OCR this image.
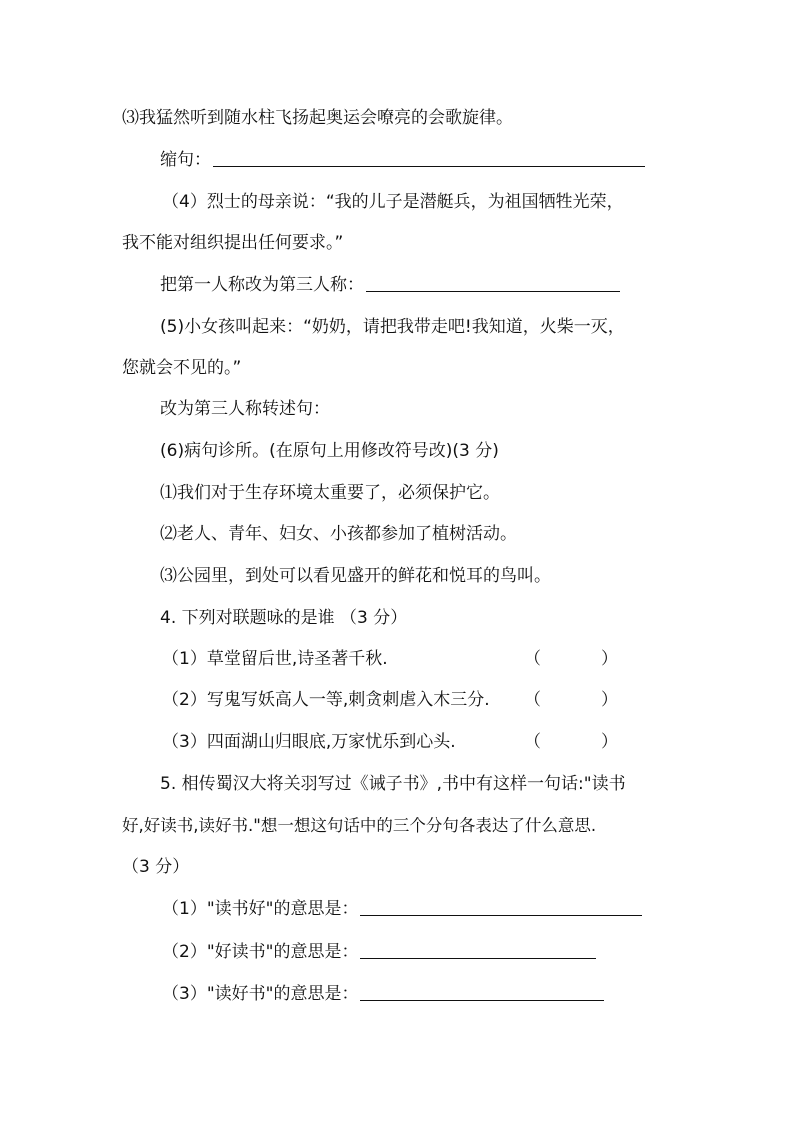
⑶我猛然听到随水柱飞扬起奥运会嘹亮的会歌旋律。
缩句：
（4）烈士的母亲说：“我的儿子是潜艇兵，为祖国牺牲光荣，
我不能对组织提出任何要求。”
把第一人称改为第三人称：
(5)小女孩叫起来：“奶奶，请把我带走吧!我知道，火柴一灭，
您就会不见的。”
改为第三人称转述句：
(6)病句诊所。(在原句上用修改符号改)(3 分)
⑴我们对于生存环境太重要了，必须保护它。
⑵老人、青年、妇女、小孩都参加了植树活动。
⑶公园里，到处可以看见盛开的鲜花和悦耳的鸟叫。
4. 下列对联题咏的是谁 （3 分）
（1）草堂留后世,诗圣著千秋.	（	）
（2）写鬼写妖高人一等,刺贪刺虐入木三分. （	）
（3）四面湖山归眼底,万家忧乐到心头.	（	）
5. 相传蜀汉大将关羽写过《诫子书》,书中有这样一句话:"读书
好,好读书,读好书."想一想这句话中的三个分句各表达了什么意思.
（3 分）
（1）"读书好"的意思是：
（2）"好读书"的意思是：
（3）"读好书"的意思是：
